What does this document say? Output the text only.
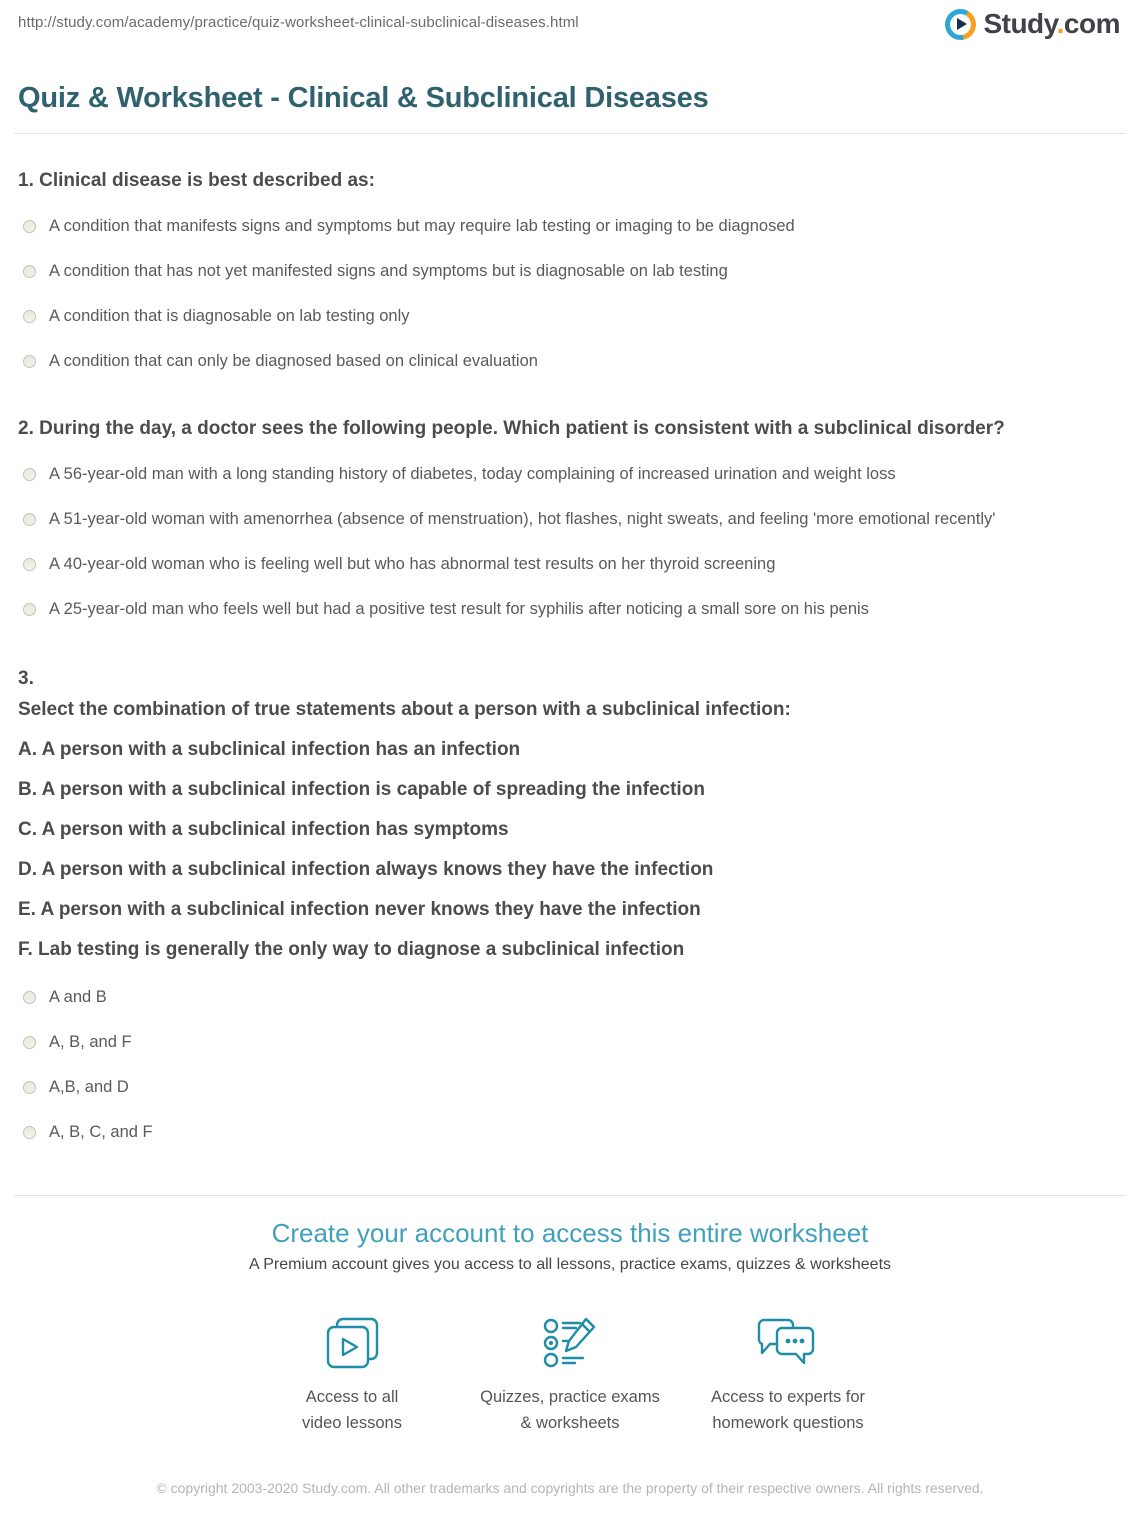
http://study.com/academy/practice/quiz-worksheet-clinical-subclinical-diseases.html	Study.com
Quiz & Worksheet - Clinical & Subclinical Diseases
1. Clinical disease is best described as:
A condition that manifests signs and symptoms but may require lab testing or imaging to be diagnosed
A condition that has not yet manifested signs and symptoms but is diagnosable on lab testing
A condition that is diagnosable on lab testing only
A condition that can only be diagnosed based on clinical evaluation
2. During the day, a doctor sees the following people. Which patient is consistent with a subclinical disorder?
A 56-year-old man with a long standing history of diabetes, today complaining of increased urination and weight loss
A 51-year-old woman with amenorrhea (absence of menstruation), hot flashes, night sweats, and feeling 'more emotional recently'
A 40-year-old woman who is feeling well but who has abnormal test results on her thyroid screening
A 25-year-old man who feels well but had a positive test result for syphilis after noticing a small sore on his penis
3.
Select the combination of true statements about a person with a subclinical infection:
A. A person with a subclinical infection has an infection
B. A person with a subclinical infection is capable of spreading the infection
C. A person with a subclinical infection has symptoms
D. A person with a subclinical infection always knows they have the infection
E. A person with a subclinical infection never knows they have the infection
F. Lab testing is generally the only way to diagnose a subclinical infection
A and B
A, B, and F
A,B, and D
A, B, C, and F
Create your account to access this entire worksheet
A Premium account gives you access to all lessons, practice exams, quizzes & worksheets
Access to all
video lessons
Quizzes, practice exams
& worksheets
Access to experts for
homework questions
© copyright 2003-2020 Study.com. All other trademarks and copyrights are the property of their respective owners. All rights reserved.
